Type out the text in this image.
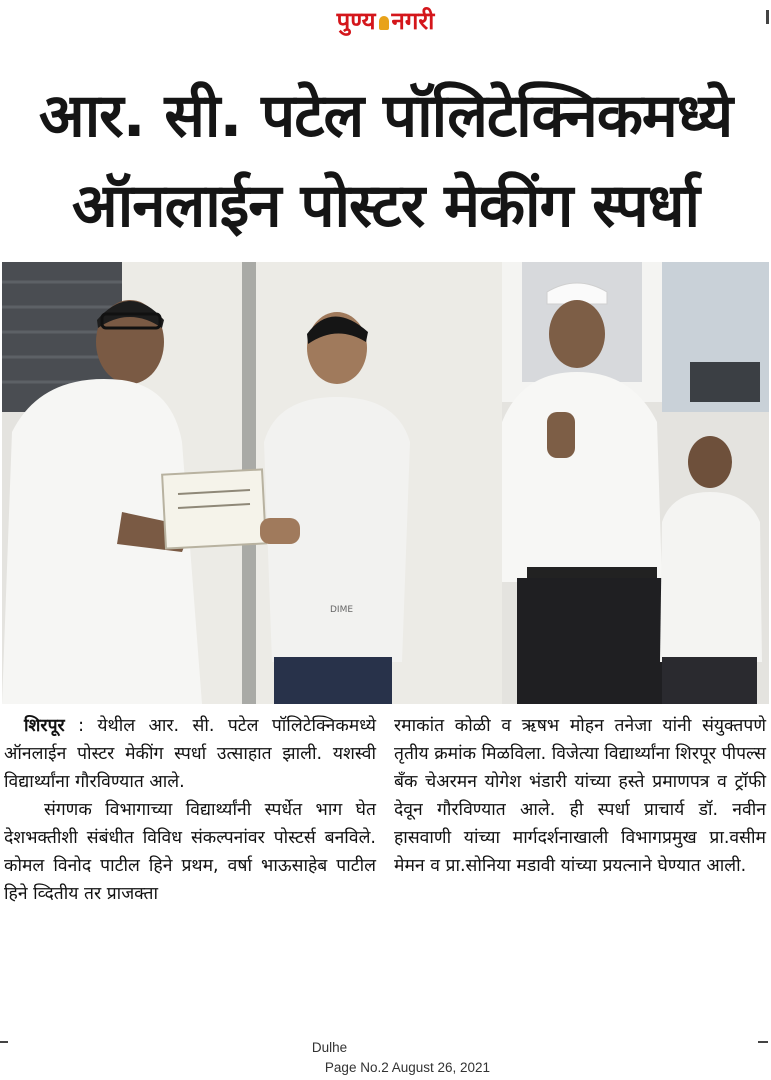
पुण्य नगरी
आर. सी. पटेल पॉलिटेक्निकमध्ये
ऑनलाईन पोस्टर मेकींग स्पर्धा
DIME

शिरपूर : येथील आर. सी. पटेल पॉलिटेक्निकमध्ये ऑनलाईन पोस्टर मेकींग स्पर्धा उत्साहात झाली. यशस्वी विद्यार्थ्यांना गौरविण्यात आले.

संगणक विभागाच्या विद्यार्थ्यांनी स्पर्धेत भाग घेत देशभक्तीशी संबंधीत विविध संकल्पनांवर पोस्टर्स बनविले. कोमल विनोद पाटील हिने प्रथम, वर्षा भाऊसाहेब पाटील हिने व्दितीय तर प्राजक्ता

रमाकांत कोळी व ऋषभ मोहन तनेजा यांनी संयुक्तपणे तृतीय क्रमांक मिळविला. विजेत्या विद्यार्थ्यांना शिरपूर पीपल्स बँक चेअरमन योगेश भंडारी यांच्या हस्ते प्रमाणपत्र व ट्रॉफी देवून गौरविण्यात आले. ही स्पर्धा प्राचार्य डॉ. नवीन हासवाणी यांच्या मार्गदर्शनाखाली विभागप्रमुख प्रा.वसीम मेमन व प्रा.सोनिया मडावी यांच्या प्रयत्नाने घेण्यात आली.

Dulhe
Page No.2 August 26, 2021
